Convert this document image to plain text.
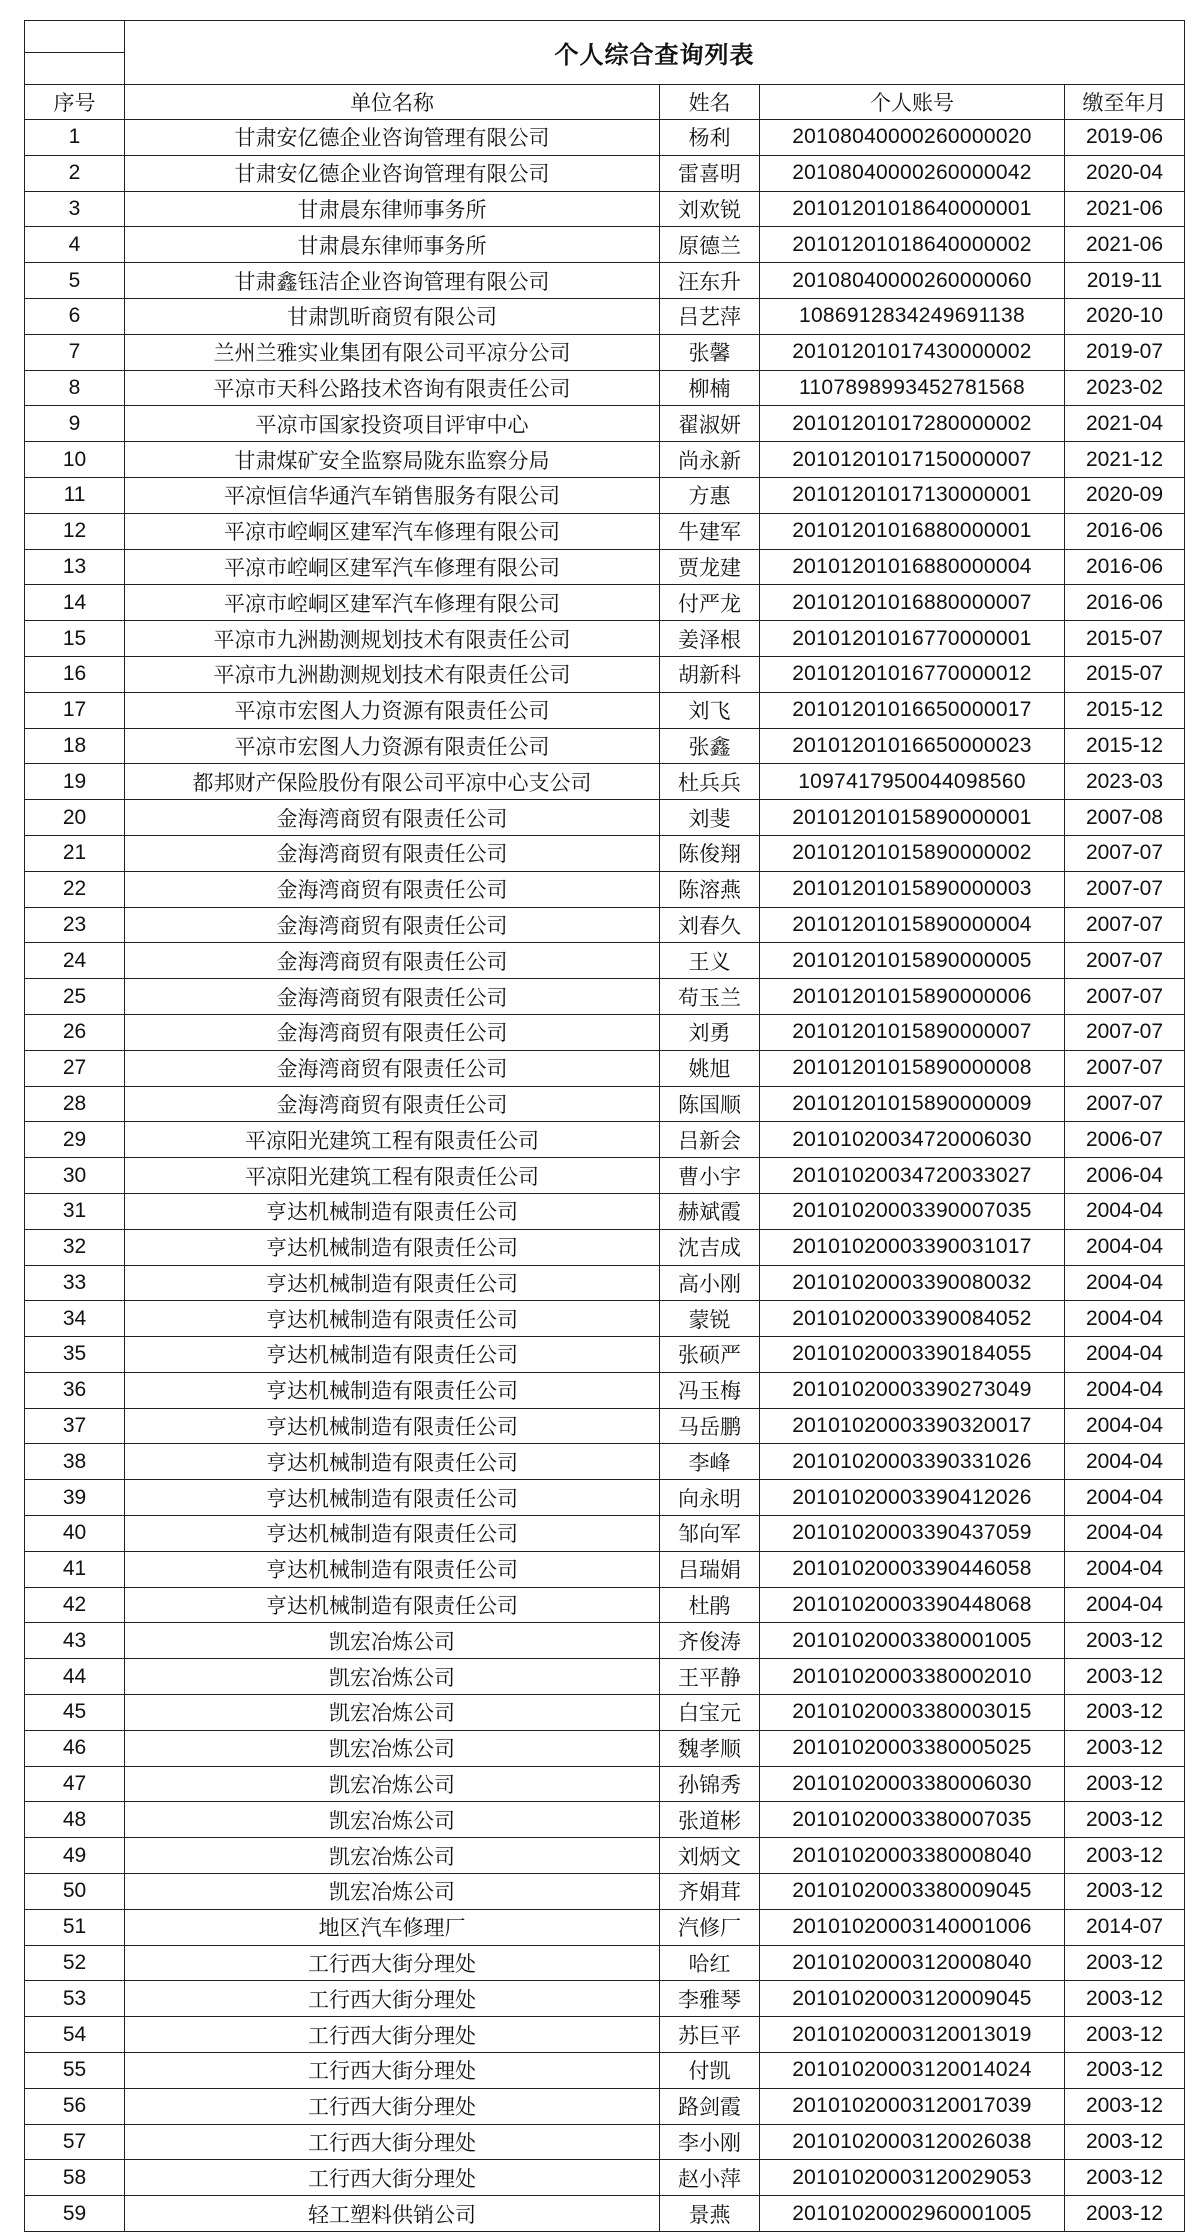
	个人综合查询列表			

序号	单位名称	姓名	个人账号	缴至年月
1	甘肃安亿德企业咨询管理有限公司	杨利	20108040000260000020	2019-06
2	甘肃安亿德企业咨询管理有限公司	雷喜明	20108040000260000042	2020-04
3	甘肃晨东律师事务所	刘欢锐	20101201018640000001	2021-06
4	甘肃晨东律师事务所	原德兰	20101201018640000002	2021-06
5	甘肃鑫钰洁企业咨询管理有限公司	汪东升	20108040000260000060	2019-11
6	甘肃凯昕商贸有限公司	吕艺萍	1086912834249691138	2020-10
7	兰州兰雅实业集团有限公司平凉分公司	张馨	20101201017430000002	2019-07
8	平凉市天科公路技术咨询有限责任公司	柳楠	1107898993452781568	2023-02
9	平凉市国家投资项目评审中心	翟淑妍	20101201017280000002	2021-04
10	甘肃煤矿安全监察局陇东监察分局	尚永新	20101201017150000007	2021-12
11	平凉恒信华通汽车销售服务有限公司	方惠	20101201017130000001	2020-09
12	平凉市崆峒区建军汽车修理有限公司	牛建军	20101201016880000001	2016-06
13	平凉市崆峒区建军汽车修理有限公司	贾龙建	20101201016880000004	2016-06
14	平凉市崆峒区建军汽车修理有限公司	付严龙	20101201016880000007	2016-06
15	平凉市九洲勘测规划技术有限责任公司	姜泽根	20101201016770000001	2015-07
16	平凉市九洲勘测规划技术有限责任公司	胡新科	20101201016770000012	2015-07
17	平凉市宏图人力资源有限责任公司	刘飞	20101201016650000017	2015-12
18	平凉市宏图人力资源有限责任公司	张鑫	20101201016650000023	2015-12
19	都邦财产保险股份有限公司平凉中心支公司	杜兵兵	1097417950044098560	2023-03
20	金海湾商贸有限责任公司	刘斐	20101201015890000001	2007-08
21	金海湾商贸有限责任公司	陈俊翔	20101201015890000002	2007-07
22	金海湾商贸有限责任公司	陈溶燕	20101201015890000003	2007-07
23	金海湾商贸有限责任公司	刘春久	20101201015890000004	2007-07
24	金海湾商贸有限责任公司	王义	20101201015890000005	2007-07
25	金海湾商贸有限责任公司	苟玉兰	20101201015890000006	2007-07
26	金海湾商贸有限责任公司	刘勇	20101201015890000007	2007-07
27	金海湾商贸有限责任公司	姚旭	20101201015890000008	2007-07
28	金海湾商贸有限责任公司	陈国顺	20101201015890000009	2007-07
29	平凉阳光建筑工程有限责任公司	吕新会	20101020034720006030	2006-07
30	平凉阳光建筑工程有限责任公司	曹小宇	20101020034720033027	2006-04
31	亨达机械制造有限责任公司	赫斌霞	20101020003390007035	2004-04
32	亨达机械制造有限责任公司	沈吉成	20101020003390031017	2004-04
33	亨达机械制造有限责任公司	高小刚	20101020003390080032	2004-04
34	亨达机械制造有限责任公司	蒙锐	20101020003390084052	2004-04
35	亨达机械制造有限责任公司	张硕严	20101020003390184055	2004-04
36	亨达机械制造有限责任公司	冯玉梅	20101020003390273049	2004-04
37	亨达机械制造有限责任公司	马岳鹏	20101020003390320017	2004-04
38	亨达机械制造有限责任公司	李峰	20101020003390331026	2004-04
39	亨达机械制造有限责任公司	向永明	20101020003390412026	2004-04
40	亨达机械制造有限责任公司	邹向军	20101020003390437059	2004-04
41	亨达机械制造有限责任公司	吕瑞娟	20101020003390446058	2004-04
42	亨达机械制造有限责任公司	杜鹃	20101020003390448068	2004-04
43	凯宏冶炼公司	齐俊涛	20101020003380001005	2003-12
44	凯宏冶炼公司	王平静	20101020003380002010	2003-12
45	凯宏冶炼公司	白宝元	20101020003380003015	2003-12
46	凯宏冶炼公司	魏孝顺	20101020003380005025	2003-12
47	凯宏冶炼公司	孙锦秀	20101020003380006030	2003-12
48	凯宏冶炼公司	张道彬	20101020003380007035	2003-12
49	凯宏冶炼公司	刘炳文	20101020003380008040	2003-12
50	凯宏冶炼公司	齐娟茸	20101020003380009045	2003-12
51	地区汽车修理厂	汽修厂	20101020003140001006	2014-07
52	工行西大街分理处	哈红	20101020003120008040	2003-12
53	工行西大街分理处	李雅琴	20101020003120009045	2003-12
54	工行西大街分理处	苏巨平	20101020003120013019	2003-12
55	工行西大街分理处	付凯	20101020003120014024	2003-12
56	工行西大街分理处	路剑霞	20101020003120017039	2003-12
57	工行西大街分理处	李小刚	20101020003120026038	2003-12
58	工行西大街分理处	赵小萍	20101020003120029053	2003-12
59	轻工塑料供销公司	景燕	20101020002960001005	2003-12
